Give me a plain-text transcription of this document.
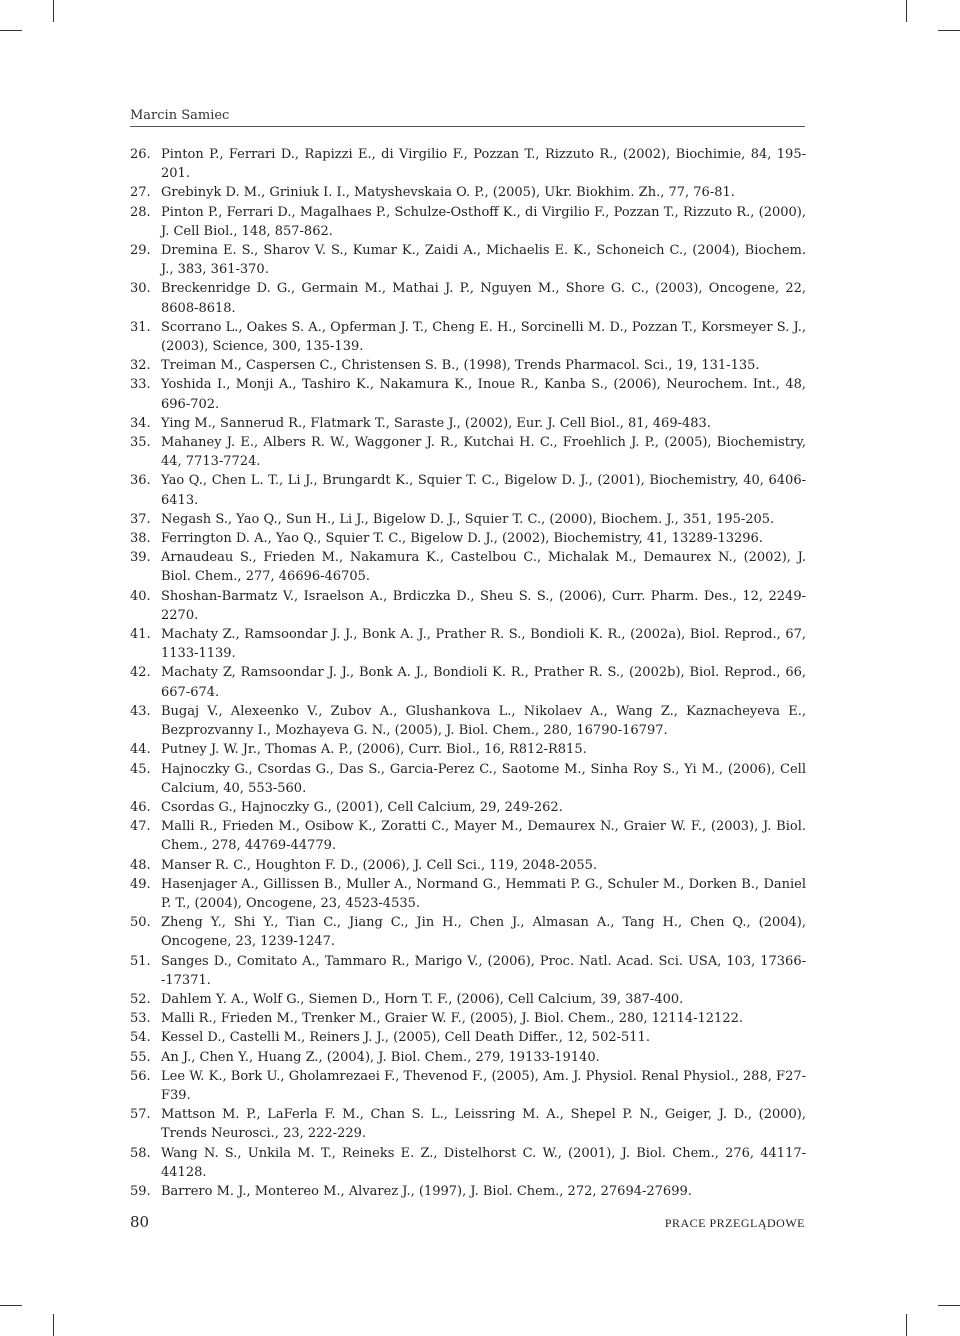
Marcin Samiec
26. Pinton P., Ferrari D., Rapizzi E., di Virgilio F., Pozzan T., Rizzuto R., (2002), Biochimie, 84, 195-201.
27. Grebinyk D. M., Griniuk I. I., Matyshevskaia O. P., (2005), Ukr. Biokhim. Zh., 77, 76-81.
28. Pinton P., Ferrari D., Magalhaes P., Schulze-Osthoff K., di Virgilio F., Pozzan T., Rizzuto R., (2000), J. Cell Biol., 148, 857-862.
29. Dremina E. S., Sharov V. S., Kumar K., Zaidi A., Michaelis E. K., Schoneich C., (2004), Biochem. J., 383, 361-370.
30. Breckenridge D. G., Germain M., Mathai J. P., Nguyen M., Shore G. C., (2003), Oncogene, 22, 8608-8618.
31. Scorrano L., Oakes S. A., Opferman J. T., Cheng E. H., Sorcinelli M. D., Pozzan T., Korsmeyer S. J., (2003), Science, 300, 135-139.
32. Treiman M., Caspersen C., Christensen S. B., (1998), Trends Pharmacol. Sci., 19, 131-135.
33. Yoshida I., Monji A., Tashiro K., Nakamura K., Inoue R., Kanba S., (2006), Neurochem. Int., 48, 696-702.
34. Ying M., Sannerud R., Flatmark T., Saraste J., (2002), Eur. J. Cell Biol., 81, 469-483.
35. Mahaney J. E., Albers R. W., Waggoner J. R., Kutchai H. C., Froehlich J. P., (2005), Biochemistry, 44, 7713-7724.
36. Yao Q., Chen L. T., Li J., Brungardt K., Squier T. C., Bigelow D. J., (2001), Biochemistry, 40, 6406-6413.
37. Negash S., Yao Q., Sun H., Li J., Bigelow D. J., Squier T. C., (2000), Biochem. J., 351, 195-205.
38. Ferrington D. A., Yao Q., Squier T. C., Bigelow D. J., (2002), Biochemistry, 41, 13289-13296.
39. Arnaudeau S., Frieden M., Nakamura K., Castelbou C., Michalak M., Demaurex N., (2002), J. Biol. Chem., 277, 46696-46705.
40. Shoshan-Barmatz V., Israelson A., Brdiczka D., Sheu S. S., (2006), Curr. Pharm. Des., 12, 2249-2270.
41. Machaty Z., Ramsoondar J. J., Bonk A. J., Prather R. S., Bondioli K. R., (2002a), Biol. Reprod., 67, 1133-1139.
42. Machaty Z, Ramsoondar J. J., Bonk A. J., Bondioli K. R., Prather R. S., (2002b), Biol. Reprod., 66, 667-674.
43. Bugaj V., Alexeenko V., Zubov A., Glushankova L., Nikolaev A., Wang Z., Kaznacheyeva E., Bezprozvanny I., Mozhayeva G. N., (2005), J. Biol. Chem., 280, 16790-16797.
44. Putney J. W. Jr., Thomas A. P., (2006), Curr. Biol., 16, R812-R815.
45. Hajnoczky G., Csordas G., Das S., Garcia-Perez C., Saotome M., Sinha Roy S., Yi M., (2006), Cell Calcium, 40, 553-560.
46. Csordas G., Hajnoczky G., (2001), Cell Calcium, 29, 249-262.
47. Malli R., Frieden M., Osibow K., Zoratti C., Mayer M., Demaurex N., Graier W. F., (2003), J. Biol. Chem., 278, 44769-44779.
48. Manser R. C., Houghton F. D., (2006), J. Cell Sci., 119, 2048-2055.
49. Hasenjager A., Gillissen B., Muller A., Normand G., Hemmati P. G., Schuler M., Dorken B., Daniel P. T., (2004), Oncogene, 23, 4523-4535.
50. Zheng Y., Shi Y., Tian C., Jiang C., Jin H., Chen J., Almasan A., Tang H., Chen Q., (2004), Oncogene, 23, 1239-1247.
51. Sanges D., Comitato A., Tammaro R., Marigo V., (2006), Proc. Natl. Acad. Sci. USA, 103, 17366--17371.
52. Dahlem Y. A., Wolf G., Siemen D., Horn T. F., (2006), Cell Calcium, 39, 387-400.
53. Malli R., Frieden M., Trenker M., Graier W. F., (2005), J. Biol. Chem., 280, 12114-12122.
54. Kessel D., Castelli M., Reiners J. J., (2005), Cell Death Differ., 12, 502-511.
55. An J., Chen Y., Huang Z., (2004), J. Biol. Chem., 279, 19133-19140.
56. Lee W. K., Bork U., Gholamrezaei F., Thevenod F., (2005), Am. J. Physiol. Renal Physiol., 288, F27-F39.
57. Mattson M. P., LaFerla F. M., Chan S. L., Leissring M. A., Shepel P. N., Geiger, J. D., (2000), Trends Neurosci., 23, 222-229.
58. Wang N. S., Unkila M. T., Reineks E. Z., Distelhorst C. W., (2001), J. Biol. Chem., 276, 44117-44128.
59. Barrero M. J., Montereo M., Alvarez J., (1997), J. Biol. Chem., 272, 27694-27699.
80	PRACE PRZEGLĄDOWE
